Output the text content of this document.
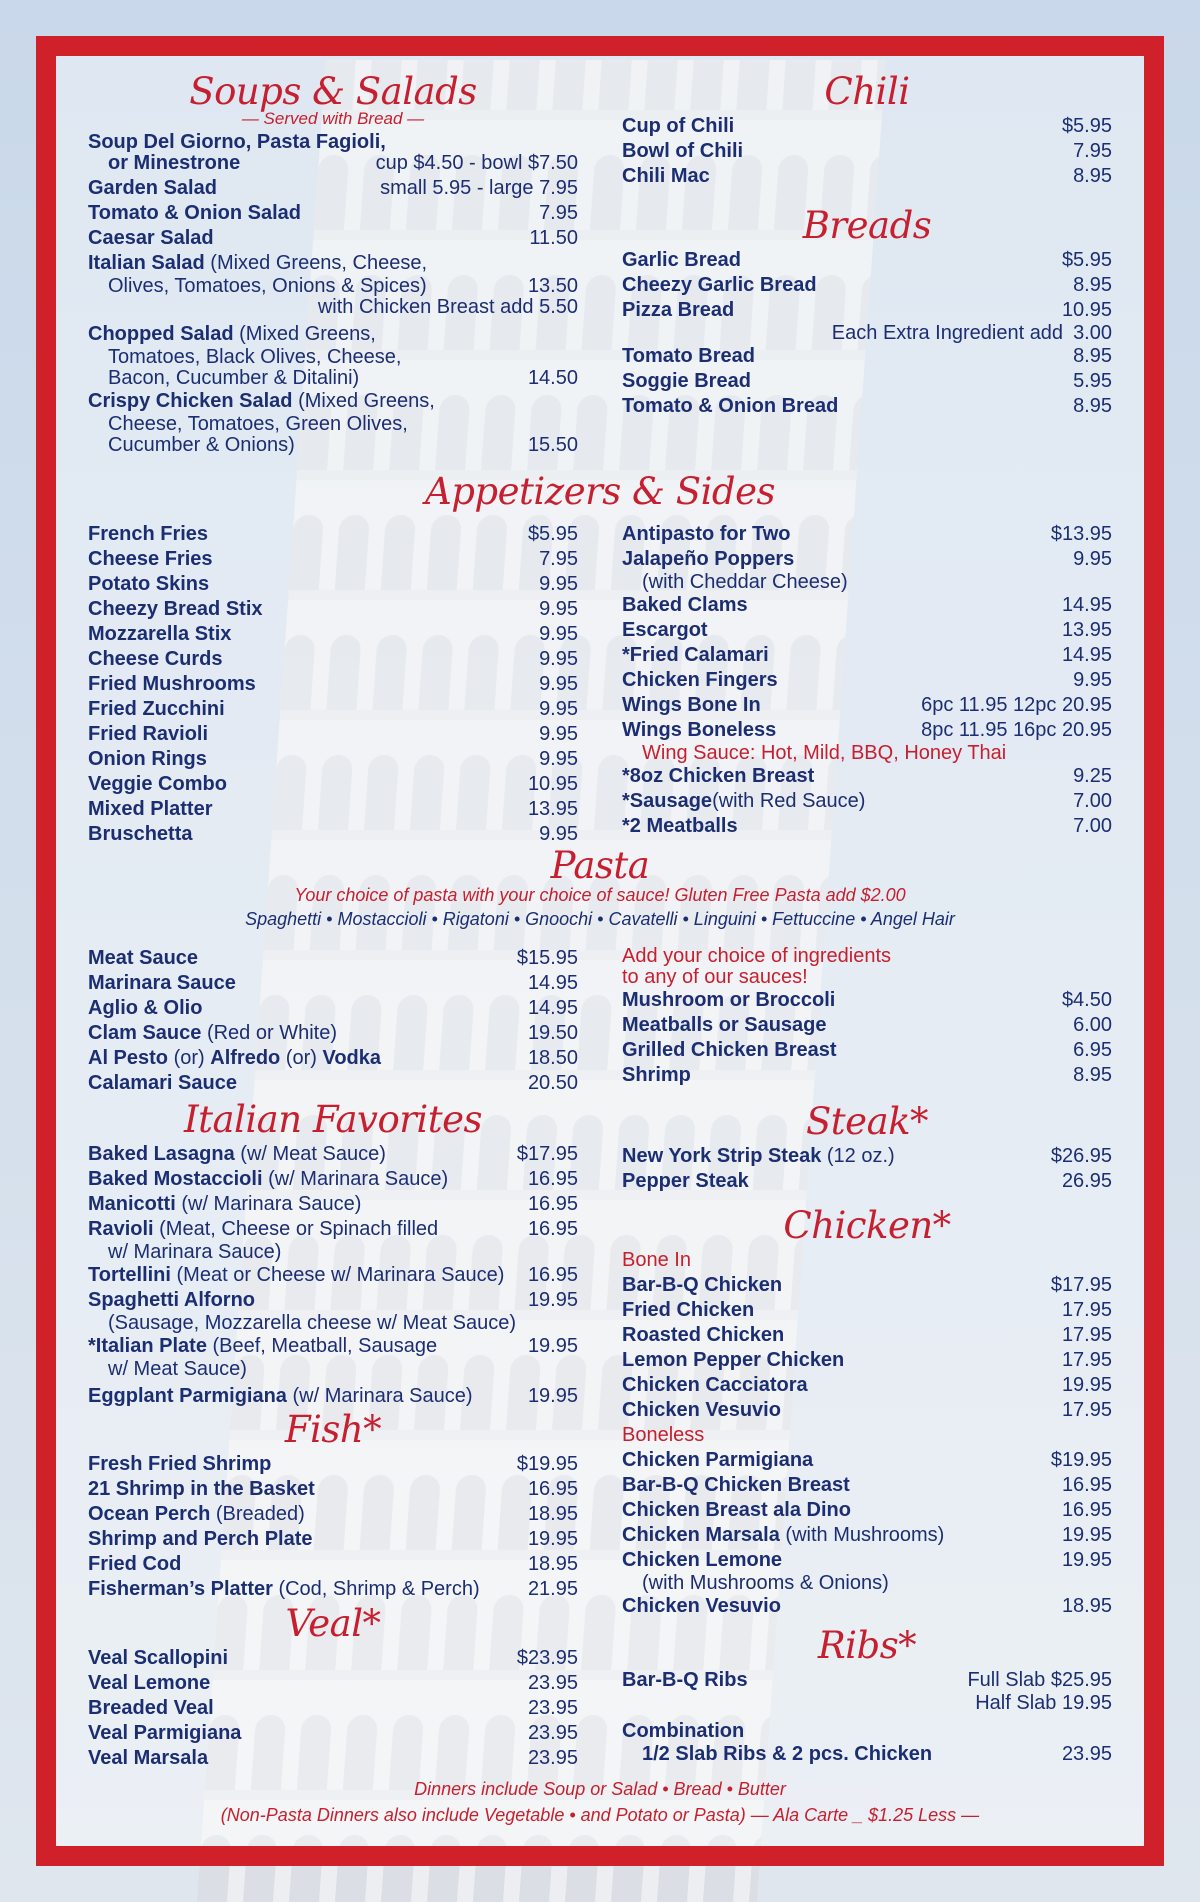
Soups & Salads
— Served with Bread —
Soup Del Giorno, Pasta Fagioli,
or Minestrone	cup $4.50 - bowl $7.50
Garden Salad	small 5.95 - large 7.95
Tomato & Onion Salad	7.95
Caesar Salad	11.50
Italian Salad (Mixed Greens, Cheese,
Olives, Tomatoes, Onions & Spices)	13.50
with Chicken Breast add 5.50
Chopped Salad (Mixed Greens,
Tomatoes, Black Olives, Cheese,
Bacon, Cucumber & Ditalini)	14.50
Crispy Chicken Salad (Mixed Greens,
Cheese, Tomatoes, Green Olives,
Cucumber & Onions)	15.50
Chili
Cup of Chili	$5.95
Bowl of Chili	7.95
Chili Mac	8.95
Breads
Garlic Bread	$5.95
Cheezy Garlic Bread	8.95
Pizza Bread	10.95
Each Extra Ingredient add 3.00
Tomato Bread	8.95
Soggie Bread	5.95
Tomato & Onion Bread	8.95
Appetizers & Sides
French Fries	$5.95
Cheese Fries	7.95
Potato Skins	9.95
Cheezy Bread Stix	9.95
Mozzarella Stix	9.95
Cheese Curds	9.95
Fried Mushrooms	9.95
Fried Zucchini	9.95
Fried Ravioli	9.95
Onion Rings	9.95
Veggie Combo	10.95
Mixed Platter	13.95
Bruschetta	9.95
Antipasto for Two	$13.95
Jalapeño Poppers	9.95
(with Cheddar Cheese)
Baked Clams	14.95
Escargot	13.95
*Fried Calamari	14.95
Chicken Fingers	9.95
Wings Bone In	6pc 11.95 12pc 20.95
Wings Boneless	8pc 11.95 16pc 20.95
Wing Sauce: Hot, Mild, BBQ, Honey Thai
*8oz Chicken Breast	9.25
*Sausage(with Red Sauce)	7.00
*2 Meatballs	7.00
Pasta
Your choice of pasta with your choice of sauce! Gluten Free Pasta add $2.00
Spaghetti • Mostaccioli • Rigatoni • Gnoochi • Cavatelli • Linguini • Fettuccine • Angel Hair
Meat Sauce	$15.95
Marinara Sauce	14.95
Aglio & Olio	14.95
Clam Sauce (Red or White)	19.50
Al Pesto (or) Alfredo (or) Vodka	18.50
Calamari Sauce	20.50
Add your choice of ingredients
to any of our sauces!
Mushroom or Broccoli	$4.50
Meatballs or Sausage	6.00
Grilled Chicken Breast	6.95
Shrimp	8.95
Italian Favorites
Baked Lasagna (w/ Meat Sauce)	$17.95
Baked Mostaccioli (w/ Marinara Sauce)	16.95
Manicotti (w/ Marinara Sauce)	16.95
Ravioli (Meat, Cheese or Spinach filled	16.95
w/ Marinara Sauce)
Tortellini (Meat or Cheese w/ Marinara Sauce) 16.95
Spaghetti Alforno	19.95
(Sausage, Mozzarella cheese w/ Meat Sauce)
*Italian Plate (Beef, Meatball, Sausage	19.95
w/ Meat Sauce)
Eggplant Parmigiana (w/ Marinara Sauce)	19.95
Fish*
Fresh Fried Shrimp	$19.95
21 Shrimp in the Basket	16.95
Ocean Perch (Breaded)	18.95
Shrimp and Perch Plate	19.95
Fried Cod	18.95
Fisherman’s Platter (Cod, Shrimp & Perch) 21.95
Veal*
Veal Scallopini	$23.95
Veal Lemone	23.95
Breaded Veal	23.95
Veal Parmigiana	23.95
Veal Marsala	23.95
Steak*
New York Strip Steak (12 oz.)	$26.95
Pepper Steak	26.95
Chicken*
Bone In
Bar-B-Q Chicken	$17.95
Fried Chicken	17.95
Roasted Chicken	17.95
Lemon Pepper Chicken	17.95
Chicken Cacciatora	19.95
Chicken Vesuvio	17.95
Boneless
Chicken Parmigiana	$19.95
Bar-B-Q Chicken Breast	16.95
Chicken Breast ala Dino	16.95
Chicken Marsala (with Mushrooms)	19.95
Chicken Lemone	19.95
(with Mushrooms & Onions)
Chicken Vesuvio	18.95
Ribs*
Bar-B-Q Ribs	Full Slab $25.95
Half Slab 19.95
Combination
1/2 Slab Ribs & 2 pcs. Chicken	23.95
Dinners include Soup or Salad • Bread • Butter
(Non-Pasta Dinners also include Vegetable • and Potato or Pasta) — Ala Carte _ $1.25 Less —
